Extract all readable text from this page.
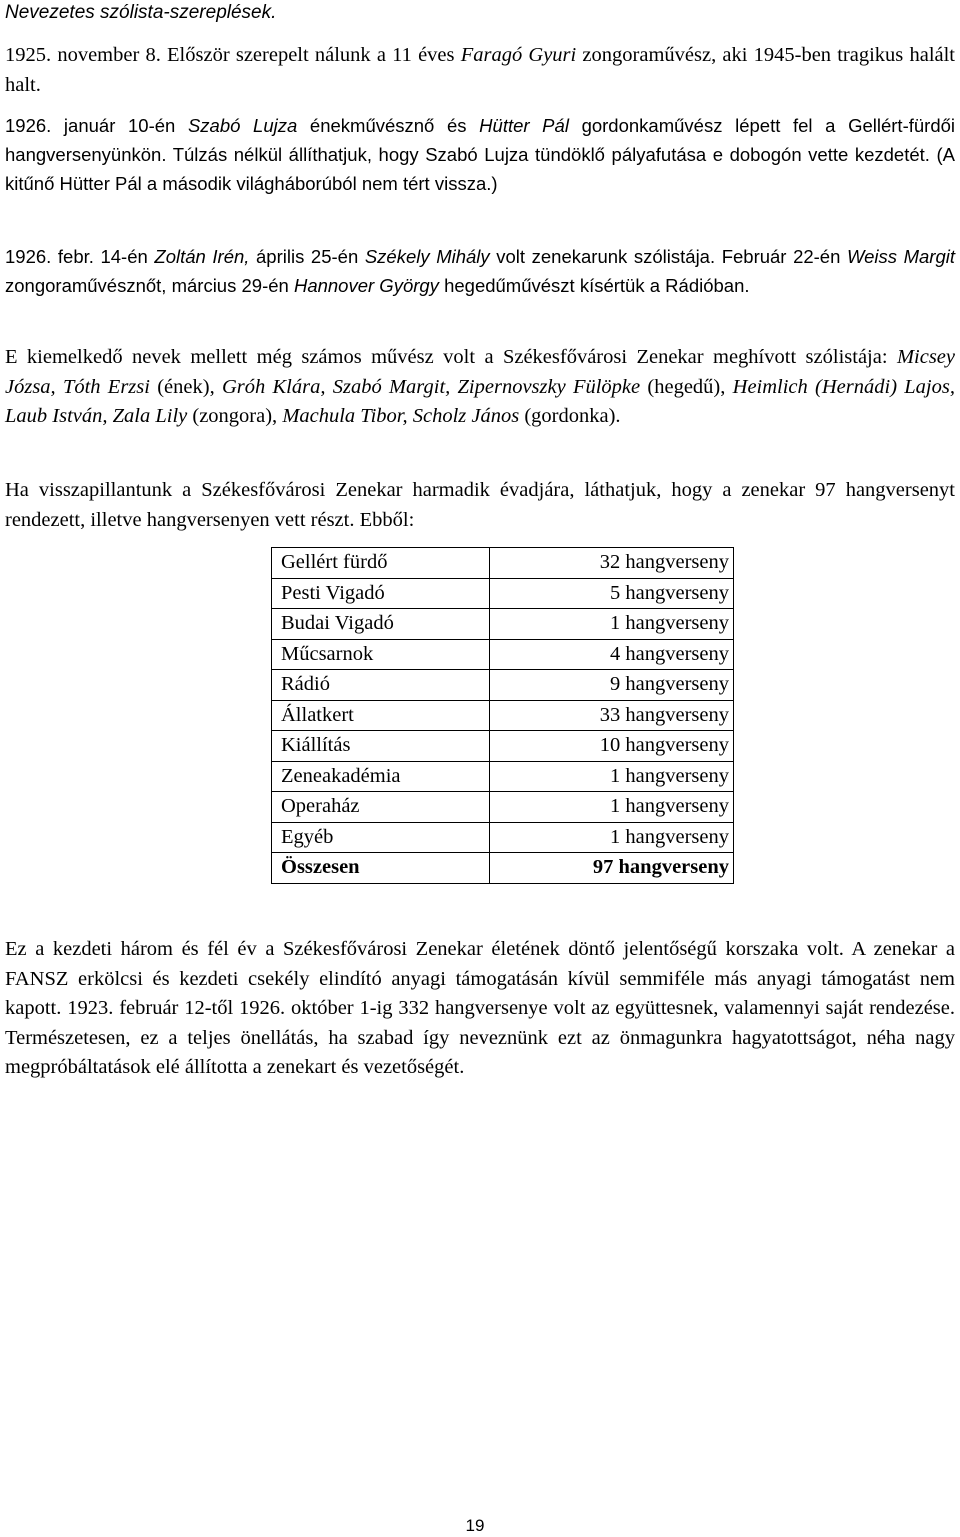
Nevezetes szólista-szereplések.

1925. november 8. Először szerepelt nálunk a 11 éves Faragó Gyuri zongoraművész, aki 1945-ben tragikus halált halt.

1926. január 10-én Szabó Lujza énekművésznő és Hütter Pál gordonkaművész lépett fel a Gellért-fürdői hangversenyünkön. Túlzás nélkül állíthatjuk, hogy Szabó Lujza tündöklő pályafutása e dobogón vette kezdetét. (A kitűnő Hütter Pál a második világháborúból nem tért vissza.)

1926. febr. 14-én Zoltán Irén, április 25-én Székely Mihály volt zenekarunk szólistája. Február 22-én Weiss Margit zongoraművésznőt, március 29-én Hannover György hegedűművészt kísértük a Rádióban.

E kiemelkedő nevek mellett még számos művész volt a Székesfővárosi Zenekar meghívott szólistája: Micsey Józsa, Tóth Erzsi (ének), Gróh Klára, Szabó Margit, Zipernovszky Fülöpke (hegedű), Heimlich (Hernádi) Lajos, Laub István, Zala Lily (zongora), Machula Tibor, Scholz János (gordonka).

Ha visszapillantunk a Székesfővárosi Zenekar harmadik évadjára, láthatjuk, hogy a zenekar 97 hangversenyt rendezett, illetve hangversenyen vett részt. Ebből:

Gellért fürdő	32 hangverseny
Pesti Vigadó	5 hangverseny
Budai Vigadó	1 hangverseny
Műcsarnok	4 hangverseny
Rádió	9 hangverseny
Állatkert	33 hangverseny
Kiállítás	10 hangverseny
Zeneakadémia	1 hangverseny
Operaház	1 hangverseny
Egyéb	1 hangverseny
Összesen	97 hangverseny

Ez a kezdeti három és fél év a Székesfővárosi Zenekar életének döntő jelentőségű korszaka volt. A zenekar a FANSZ erkölcsi és kezdeti csekély elindító anyagi támogatásán kívül semmiféle más anyagi támogatást nem kapott. 1923. február 12-től 1926. október 1-ig 332 hangversenye volt az együttesnek, valamennyi saját rendezése. Természetesen, ez a teljes önellátás, ha szabad így neveznünk ezt az önmagunkra hagyatottságot, néha nagy megpróbáltatások elé állította a zenekart és vezetőségét.

19
